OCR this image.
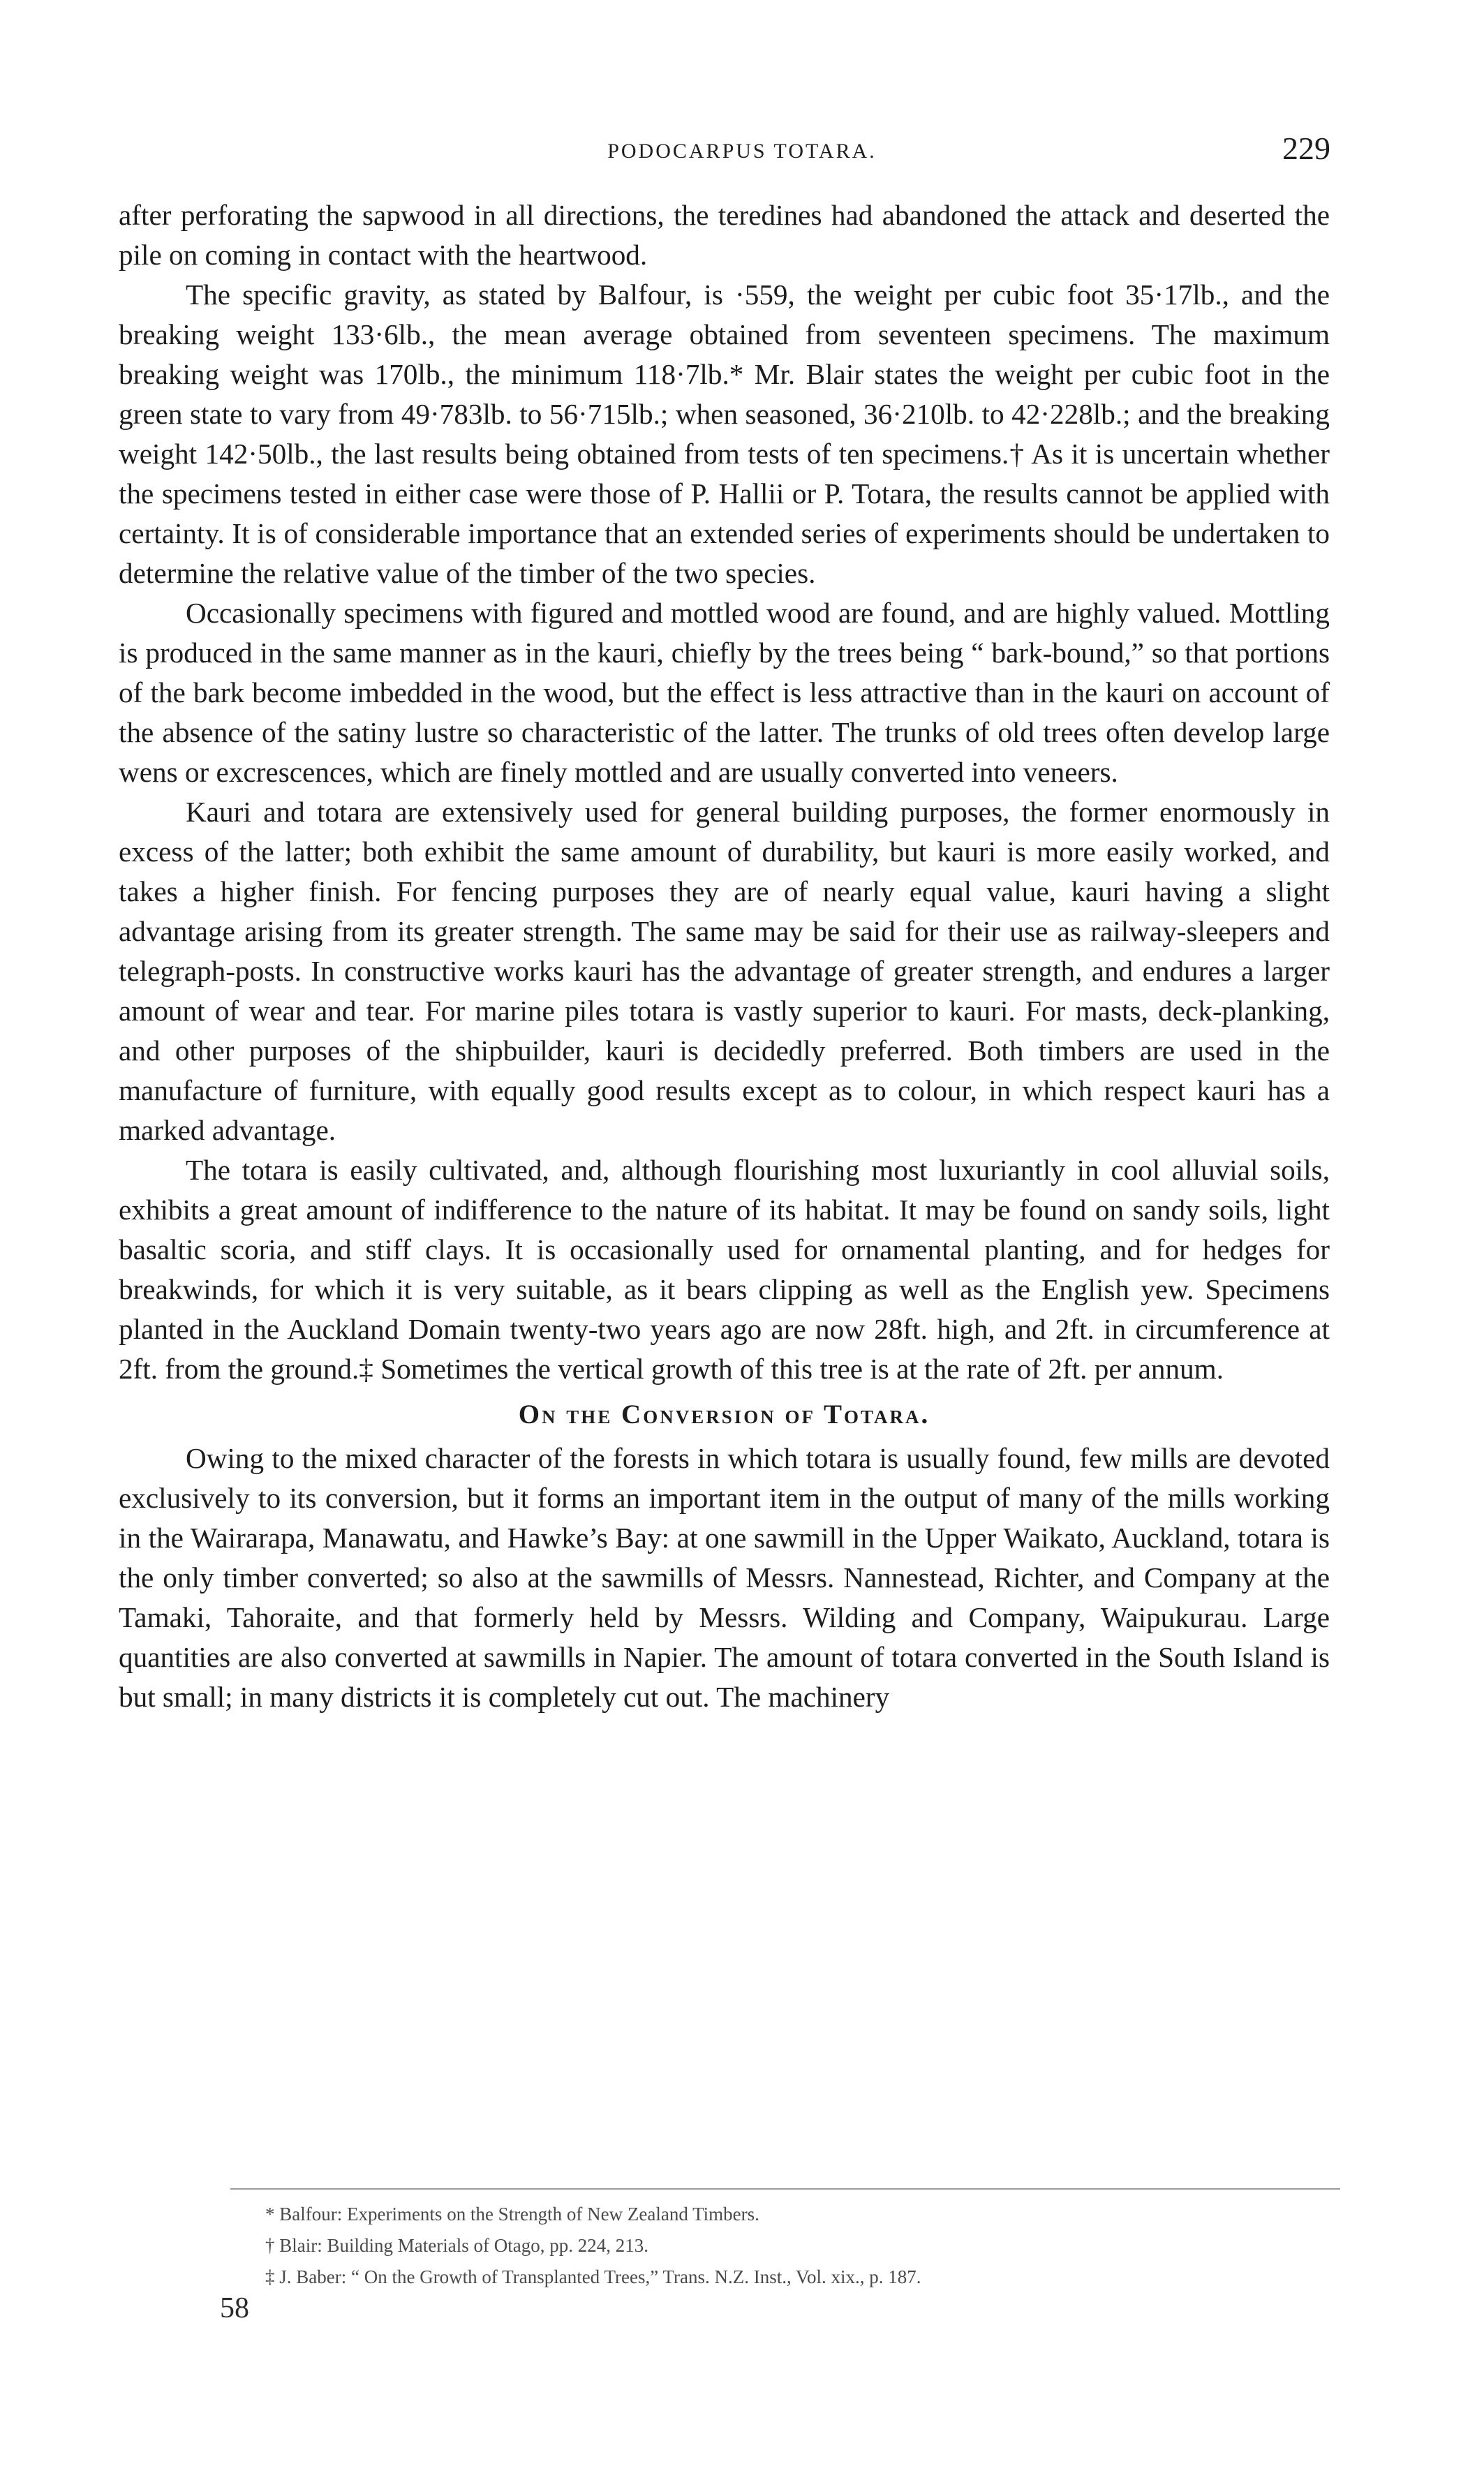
PODOCARPUS TOTARA.	229

after perforating the sapwood in all directions, the teredines had abandoned the attack and deserted the pile on coming in contact with the heartwood.

The specific gravity, as stated by Balfour, is ·559, the weight per cubic foot 35·17lb., and the breaking weight 133·6lb., the mean average obtained from seventeen specimens. The maximum breaking weight was 170lb., the minimum 118·7lb.* Mr. Blair states the weight per cubic foot in the green state to vary from 49·783lb. to 56·715lb.; when seasoned, 36·210lb. to 42·228lb.; and the breaking weight 142·50lb., the last results being obtained from tests of ten specimens.† As it is uncertain whether the specimens tested in either case were those of P. Hallii or P. Totara, the results cannot be applied with certainty. It is of considerable importance that an extended series of experiments should be undertaken to determine the relative value of the timber of the two species.

Occasionally specimens with figured and mottled wood are found, and are highly valued. Mottling is produced in the same manner as in the kauri, chiefly by the trees being “ bark-bound,” so that portions of the bark become imbedded in the wood, but the effect is less attractive than in the kauri on account of the absence of the satiny lustre so characteristic of the latter. The trunks of old trees often develop large wens or excrescences, which are finely mottled and are usually converted into veneers.

Kauri and totara are extensively used for general building purposes, the former enormously in excess of the latter; both exhibit the same amount of durability, but kauri is more easily worked, and takes a higher finish. For fencing purposes they are of nearly equal value, kauri having a slight advantage arising from its greater strength. The same may be said for their use as railway-sleepers and telegraph-posts. In constructive works kauri has the advantage of greater strength, and endures a larger amount of wear and tear. For marine piles totara is vastly superior to kauri. For masts, deck-planking, and other purposes of the shipbuilder, kauri is decidedly preferred. Both timbers are used in the manufacture of furniture, with equally good results except as to colour, in which respect kauri has a marked advantage.

The totara is easily cultivated, and, although flourishing most luxuriantly in cool alluvial soils, exhibits a great amount of indifference to the nature of its habitat. It may be found on sandy soils, light basaltic scoria, and stiff clays. It is occasionally used for ornamental planting, and for hedges for breakwinds, for which it is very suitable, as it bears clipping as well as the English yew. Specimens planted in the Auckland Domain twenty-two years ago are now 28ft. high, and 2ft. in circumference at 2ft. from the ground.‡ Sometimes the vertical growth of this tree is at the rate of 2ft. per annum.

On the Conversion of Totara.

Owing to the mixed character of the forests in which totara is usually found, few mills are devoted exclusively to its conversion, but it forms an important item in the output of many of the mills working in the Wairarapa, Manawatu, and Hawke’s Bay: at one sawmill in the Upper Waikato, Auckland, totara is the only timber converted; so also at the sawmills of Messrs. Nannestead, Richter, and Company at the Tamaki, Tahoraite, and that formerly held by Messrs. Wilding and Company, Waipukurau. Large quantities are also converted at sawmills in Napier. The amount of totara converted in the South Island is but small; in many districts it is completely cut out. The machinery

* Balfour: Experiments on the Strength of New Zealand Timbers.

† Blair: Building Materials of Otago, pp. 224, 213.

‡ J. Baber: “ On the Growth of Transplanted Trees,” Trans. N.Z. Inst., Vol. xix., p. 187.

58
